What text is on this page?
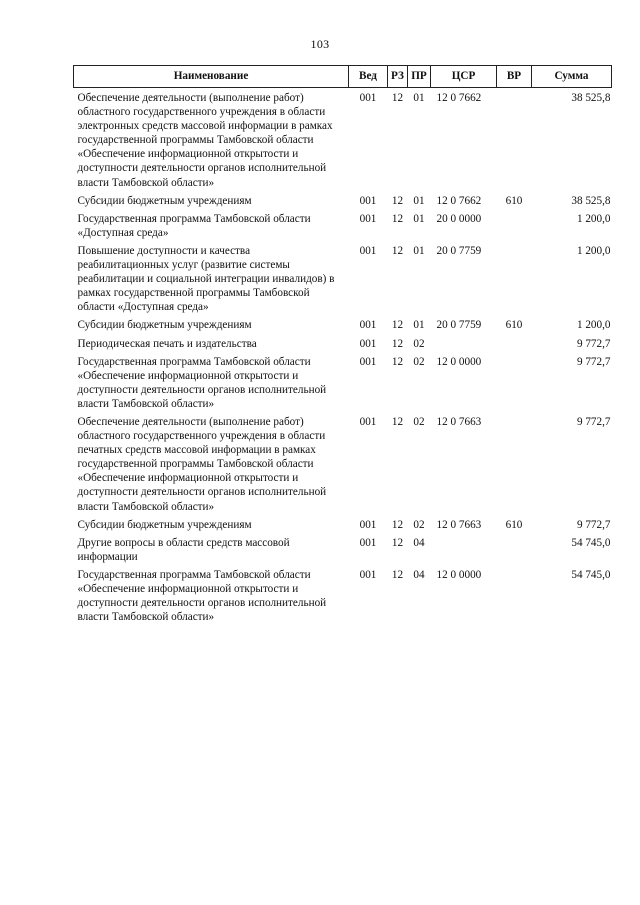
103
Наименование	Вед	РЗ	ПР	ЦСР	ВР	Сумма
Обеспечение деятельности (выполнение работ) областного государственного учреждения в области электронных средств массовой информации в рамках государственной программы Тамбовской области «Обеспечение информационной открытости и доступности деятельности органов исполнительной власти Тамбовской области»	001	12	01	12 0 7662		38 525,8
Субсидии бюджетным учреждениям	001	12	01	12 0 7662	610	38 525,8
Государственная программа Тамбовской области «Доступная среда»	001	12	01	20 0 0000		1 200,0
Повышение доступности и качества реабилитационных услуг (развитие системы реабилитации и социальной интеграции инвалидов) в рамках государственной программы Тамбовской области «Доступная среда»	001	12	01	20 0 7759		1 200,0
Субсидии бюджетным учреждениям	001	12	01	20 0 7759	610	1 200,0
Периодическая печать и издательства	001	12	02			9 772,7
Государственная программа Тамбовской области «Обеспечение информационной открытости и доступности деятельности органов исполнительной власти Тамбовской области»	001	12	02	12 0 0000		9 772,7
Обеспечение деятельности (выполнение работ) областного государственного учреждения в области печатных средств массовой информации в рамках государственной программы Тамбовской области «Обеспечение информационной открытости и доступности деятельности органов исполнительной власти Тамбовской области»	001	12	02	12 0 7663		9 772,7
Субсидии бюджетным учреждениям	001	12	02	12 0 7663	610	9 772,7
Другие вопросы в области средств массовой информации	001	12	04			54 745,0
Государственная программа Тамбовской области «Обеспечение информационной открытости и доступности деятельности органов исполнительной власти Тамбовской области»	001	12	04	12 0 0000		54 745,0
